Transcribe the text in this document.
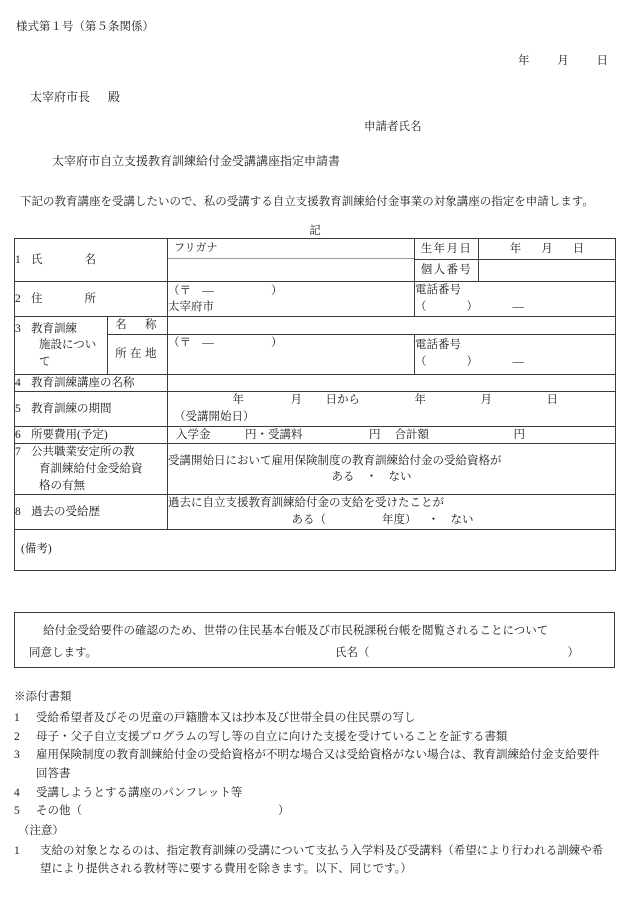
様式第１号（第５条関係）
年 月 日
太宰府市長 殿
申請者氏名
太宰府市自立支援教育訓練給付金受講講座指定申請書
下記の教育講座を受講したいので、私の受講する自立支援教育訓練給付金事業の対象講座の指定を申請します。
記
1 氏　　名		フリガナ	生年月日	年 月 日

			個人番号	
2 住　　所		（〒 — ）
太宰府市	電話番号
（ ） —	

3 教育訓練
施設につい
て	名　称			
	所在地	（〒 — ）	電話番号
（ ） —	

4 教育訓練講座の名称				
5 教育訓練の期間		年 月 日から 年 月 日
（受講開始日）		

6 所要費用(予定)		入学金 円・受講料 円 合計額 円		

7 公共職業安定所の教
育訓練給付金受給資
格の有無		受講開始日において雇用保険制度の教育訓練給付金の受給資格が
ある ・ ない		

8 過去の受給歴		過去に自立支援教育訓練給付金の支給を受けたことが
ある（ 年度） ・ ない		

(備考)				
給付金受給要件の確認のため、世帯の住民基本台帳及び市民税課税台帳を閲覧されることについて
同意します。	氏名（	）
※添付書類
1 受給希望者及びその児童の戸籍謄本又は抄本及び世帯全員の住民票の写し
2 母子・父子自立支援プログラムの写し等の自立に向けた支援を受けていることを証する書類
3 雇用保険制度の教育訓練給付金の受給資格が不明な場合又は受給資格がない場合は、教育訓練給付金支給要件
回答書
4 受講しようとする講座のパンフレット等
5 その他（	）
（注意）
1 支給の対象となるのは、指定教育訓練の受講について支払う入学料及び受講料（希望により行われる訓練や希
望により提供される教材等に要する費用を除きます。以下、同じです。）
